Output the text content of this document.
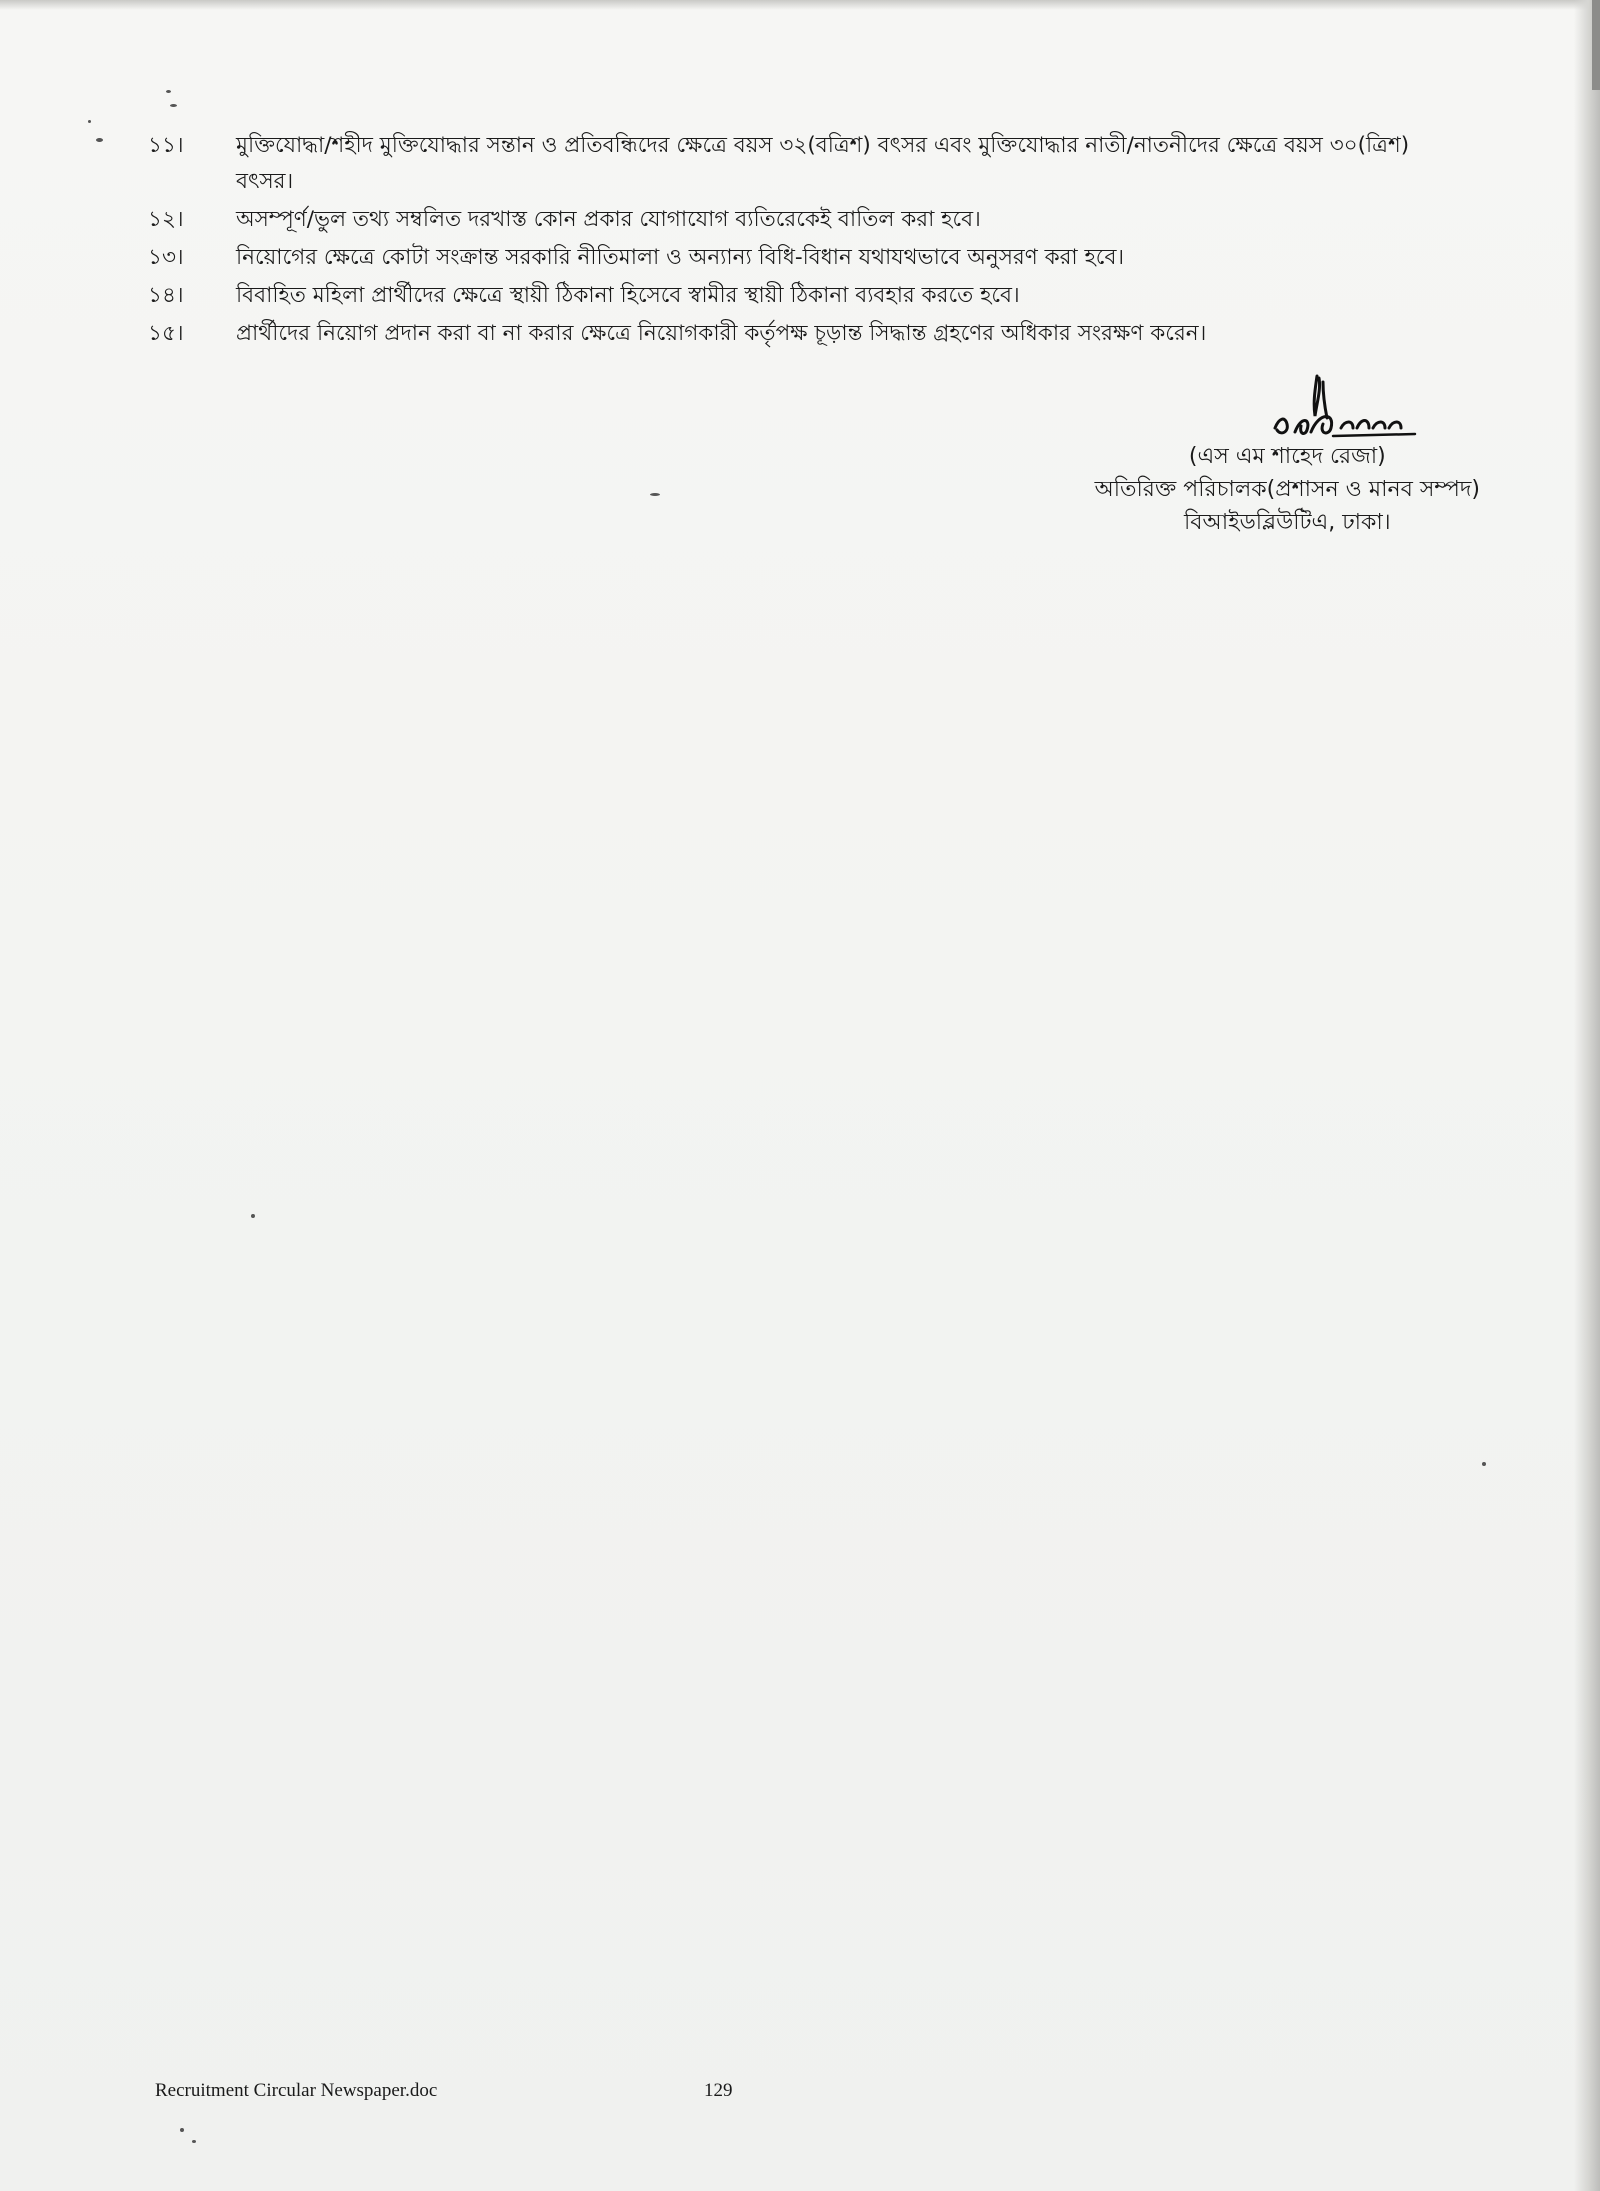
১১।	মুক্তিযোদ্ধা/শহীদ মুক্তিযোদ্ধার সন্তান ও প্রতিবন্ধিদের ক্ষেত্রে বয়স ৩২(বত্রিশ) বৎসর এবং মুক্তিযোদ্ধার নাতী/নাতনীদের ক্ষেত্রে বয়স ৩০(ত্রিশ) বৎসর।
১২।	অসম্পূর্ণ/ভুল তথ্য সম্বলিত দরখাস্ত কোন প্রকার যোগাযোগ ব্যতিরেকেই বাতিল করা হবে।
১৩।	নিয়োগের ক্ষেত্রে কোটা সংক্রান্ত সরকারি নীতিমালা ও অন্যান্য বিধি-বিধান যথাযথভাবে অনুসরণ করা হবে।
১৪।	বিবাহিত মহিলা প্রার্থীদের ক্ষেত্রে স্থায়ী ঠিকানা হিসেবে স্বামীর স্থায়ী ঠিকানা ব্যবহার করতে হবে।
১৫।	প্রার্থীদের নিয়োগ প্রদান করা বা না করার ক্ষেত্রে নিয়োগকারী কর্তৃপক্ষ চূড়ান্ত সিদ্ধান্ত গ্রহণের অধিকার সংরক্ষণ করেন।
(এস এম শাহেদ রেজা)
অতিরিক্ত পরিচালক(প্রশাসন ও মানব সম্পদ)
বিআইডব্লিউটিএ, ঢাকা।
Recruitment Circular Newspaper.doc	129
